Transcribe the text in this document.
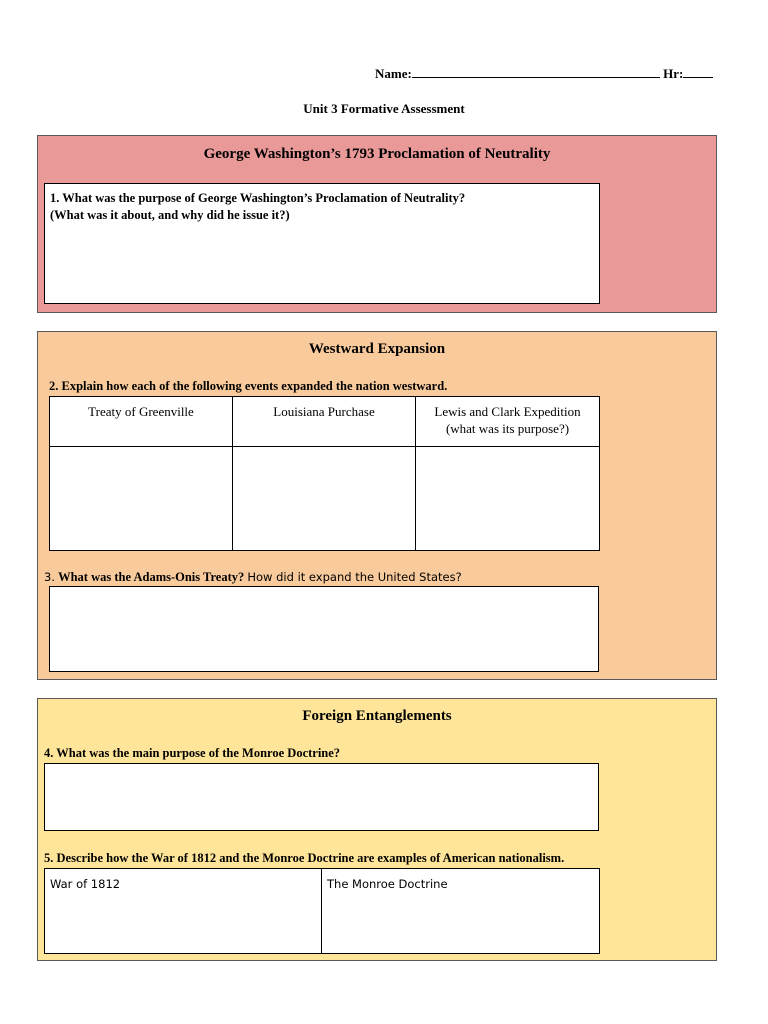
Name:	Hr:
Unit 3 Formative Assessment
George Washington’s 1793 Proclamation of Neutrality
1. What was the purpose of George Washington’s Proclamation of Neutrality?
(What was it about, and why did he issue it?)
Westward Expansion
2. Explain how each of the following events expanded the nation westward.
Treaty of Greenville	Louisiana Purchase	Lewis and Clark Expedition
(what was its purpose?)

3. What was the Adams-Onis Treaty? How did it expand the United States?
Foreign Entanglements
4. What was the main purpose of the Monroe Doctrine?
5. Describe how the War of 1812 and the Monroe Doctrine are examples of American nationalism.
War of 1812	The Monroe Doctrine
